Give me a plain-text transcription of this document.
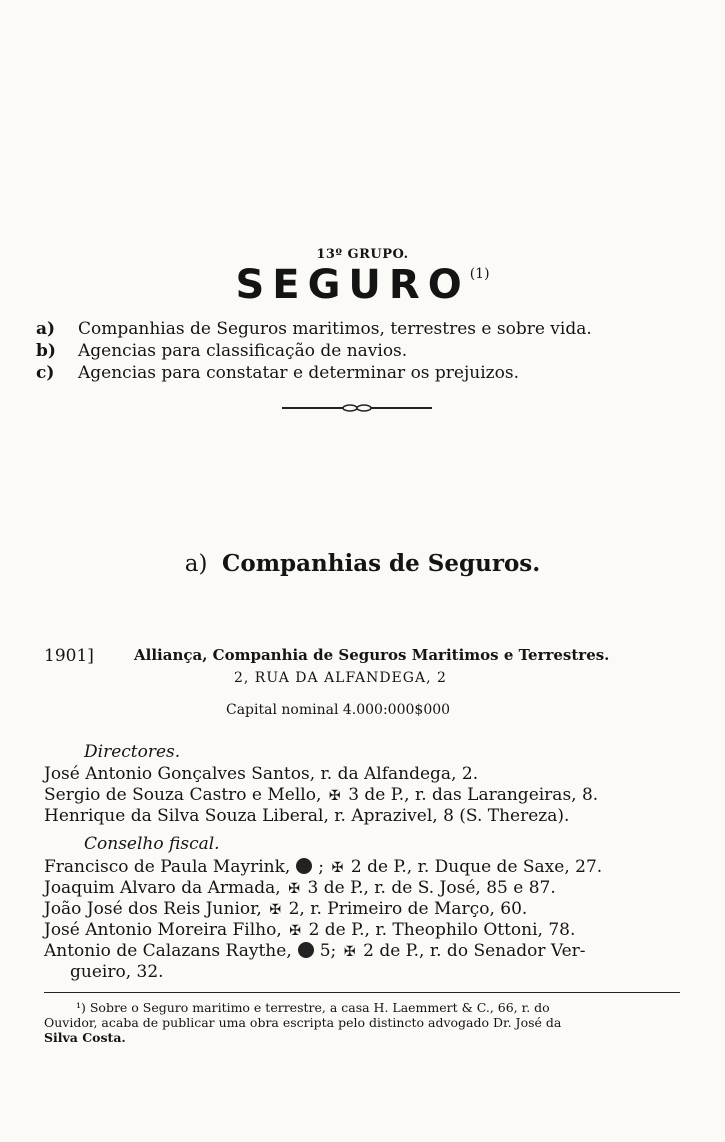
13º GRUPO.
SEGURO$^{(1)}$
a) Companhias de Seguros maritimos, terrestres e sobre vida.
b) Agencias para classificação de navios.
c) Agencias para constatar e determinar os prejuizos.
a) Companhias de Seguros.
1901]	Alliança, Companhia de Seguros Maritimos e Terrestres.
2, RUA DA ALFANDEGA, 2
Capital nominal 4.000:000$000
Directores.
José Antonio Gonçalves Santos, r. da Alfandega, 2.
Sergio de Souza Castro e Mello, ✠ 3 de P., r. das Larangeiras, 8.
Henrique da Silva Souza Liberal, r. Aprazivel, 8 (S. Thereza).
Conselho fiscal.
Francisco de Paula Mayrink, ; ✠ 2 de P., r. Duque de Saxe, 27.
Joaquim Alvaro da Armada, ✠ 3 de P., r. de S. José, 85 e 87.
João José dos Reis Junior, ✠ 2, r. Primeiro de Março, 60.
José Antonio Moreira Filho, ✠ 2 de P., r. Theophilo Ottoni, 78.
Antonio de Calazans Raythe, 5; ✠ 2 de P., r. do Senador Ver-
gueiro, 32.
¹) Sobre o Seguro maritimo e terrestre, a casa H. Laemmert & C., 66, r. do
Ouvidor, acaba de publicar uma obra escripta pelo distincto advogado Dr. José da
Silva Costa.
